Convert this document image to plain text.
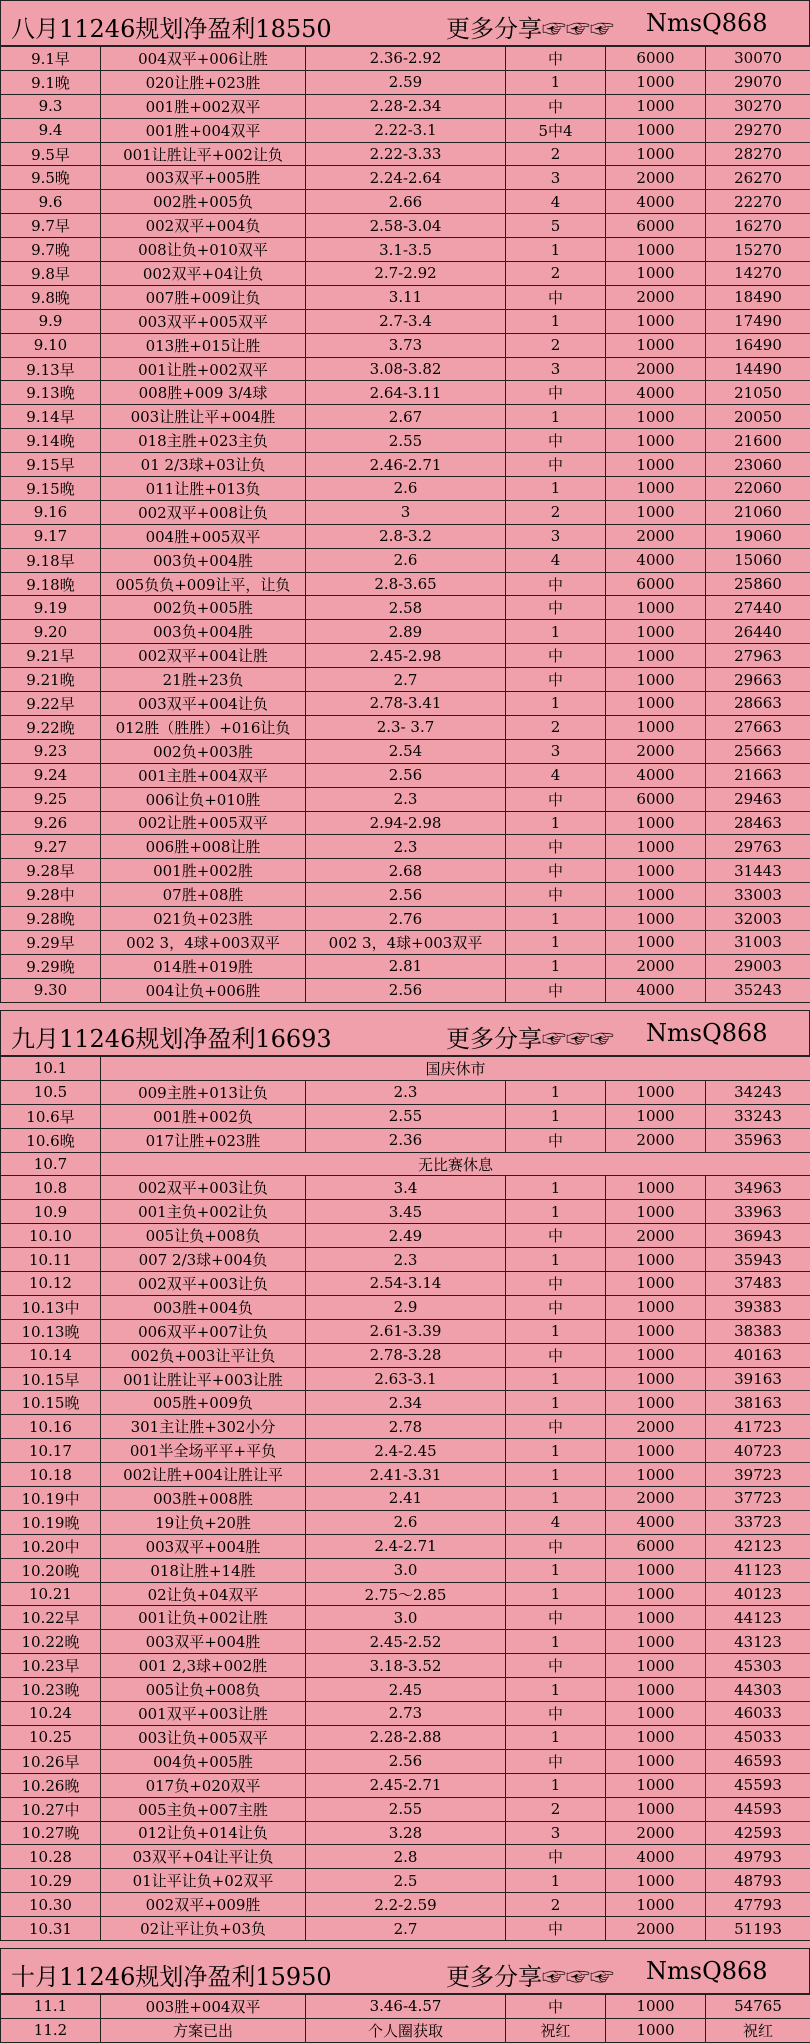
八月11246规划净盈利18550	更多分享☞☞☞ NmsQ868
9.1早	004双平+006让胜	2.36-2.92	中	6000	30070
9.1晚	020让胜+023胜	2.59	1	1000	29070
9.3	001胜+002双平	2.28-2.34	中	1000	30270
9.4	001胜+004双平	2.22-3.1	5中4	1000	29270
9.5早	001让胜让平+002让负	2.22-3.33	2	1000	28270
9.5晚	003双平+005胜	2.24-2.64	3	2000	26270
9.6	002胜+005负	2.66	4	4000	22270
9.7早	002双平+004负	2.58-3.04	5	6000	16270
9.7晚	008让负+010双平	3.1-3.5	1	1000	15270
9.8早	002双平+04让负	2.7-2.92	2	1000	14270
9.8晚	007胜+009让负	3.11	中	2000	18490
9.9	003双平+005双平	2.7-3.4	1	1000	17490
9.10	013胜+015让胜	3.73	2	1000	16490
9.13早	001让胜+002双平	3.08-3.82	3	2000	14490
9.13晚	008胜+009 3/4球	2.64-3.11	中	4000	21050
9.14早	003让胜让平+004胜	2.67	1	1000	20050
9.14晚	018主胜+023主负	2.55	中	1000	21600
9.15早	01 2/3球+03让负	2.46-2.71	中	1000	23060
9.15晚	011让胜+013负	2.6	1	1000	22060
9.16	002双平+008让负	3	2	1000	21060
9.17	004胜+005双平	2.8-3.2	3	2000	19060
9.18早	003负+004胜	2.6	4	4000	15060
9.18晚	005负负+009让平，让负	2.8-3.65	中	6000	25860
9.19	002负+005胜	2.58	中	1000	27440
9.20	003负+004胜	2.89	1	1000	26440
9.21早	002双平+004让胜	2.45-2.98	中	1000	27963
9.21晚	21胜+23负	2.7	中	1000	29663
9.22早	003双平+004让负	2.78-3.41	1	1000	28663
9.22晚	012胜（胜胜）+016让负	2.3- 3.7	2	1000	27663
9.23	002负+003胜	2.54	3	2000	25663
9.24	001主胜+004双平	2.56	4	4000	21663
9.25	006让负+010胜	2.3	中	6000	29463
9.26	002让胜+005双平	2.94-2.98	1	1000	28463
9.27	006胜+008让胜	2.3	中	1000	29763
9.28早	001胜+002胜	2.68	中	1000	31443
9.28中	07胜+08胜	2.56	中	1000	33003
9.28晚	021负+023胜	2.76	1	1000	32003
9.29早	002 3，4球+003双平	002 3，4球+003双平	1	1000	31003
9.29晚	014胜+019胜	2.81	1	2000	29003
9.30	004让负+006胜	2.56	中	4000	35243
九月11246规划净盈利16693	更多分享☞☞☞ NmsQ868
10.1	国庆休市				
10.5	009主胜+013让负	2.3	1	1000	34243
10.6早	001胜+002负	2.55	1	1000	33243
10.6晚	017让胜+023胜	2.36	中	2000	35963
10.7	无比赛休息				
10.8	002双平+003让负	3.4	1	1000	34963
10.9	001主负+002让负	3.45	1	1000	33963
10.10	005让负+008负	2.49	中	2000	36943
10.11	007 2/3球+004负	2.3	1	1000	35943
10.12	002双平+003让负	2.54-3.14	中	1000	37483
10.13中	003胜+004负	2.9	中	1000	39383
10.13晚	006双平+007让负	2.61-3.39	1	1000	38383
10.14	002负+003让平让负	2.78-3.28	中	1000	40163
10.15早	001让胜让平+003让胜	2.63-3.1	1	1000	39163
10.15晚	005胜+009负	2.34	1	1000	38163
10.16	301主让胜+302小分	2.78	中	2000	41723
10.17	001半全场平平+平负	2.4-2.45	1	1000	40723
10.18	002让胜+004让胜让平	2.41-3.31	1	1000	39723
10.19中	003胜+008胜	2.41	1	2000	37723
10.19晚	19让负+20胜	2.6	4	4000	33723
10.20中	003双平+004胜	2.4-2.71	中	6000	42123
10.20晚	018让胜+14胜	3.0	1	1000	41123
10.21	02让负+04双平	2.75～2.85	1	1000	40123
10.22早	001让负+002让胜	3.0	中	1000	44123
10.22晚	003双平+004胜	2.45-2.52	1	1000	43123
10.23早	001 2,3球+002胜	3.18-3.52	中	1000	45303
10.23晚	005让负+008负	2.45	1	1000	44303
10.24	001双平+003让胜	2.73	中	1000	46033
10.25	003让负+005双平	2.28-2.88	1	1000	45033
10.26早	004负+005胜	2.56	中	1000	46593
10.26晚	017负+020双平	2.45-2.71	1	1000	45593
10.27中	005主负+007主胜	2.55	2	1000	44593
10.27晚	012让负+014让负	3.28	3	2000	42593
10.28	03双平+04让平让负	2.8	中	4000	49793
10.29	01让平让负+02双平	2.5	1	1000	48793
10.30	002双平+009胜	2.2-2.59	2	1000	47793
10.31	02让平让负+03负	2.7	中	2000	51193
十月11246规划净盈利15950	更多分享☞☞☞ NmsQ868
11.1	003胜+004双平	3.46-4.57	中	1000	54765
11.2	方案已出	个人圈获取	祝红	1000	祝红
